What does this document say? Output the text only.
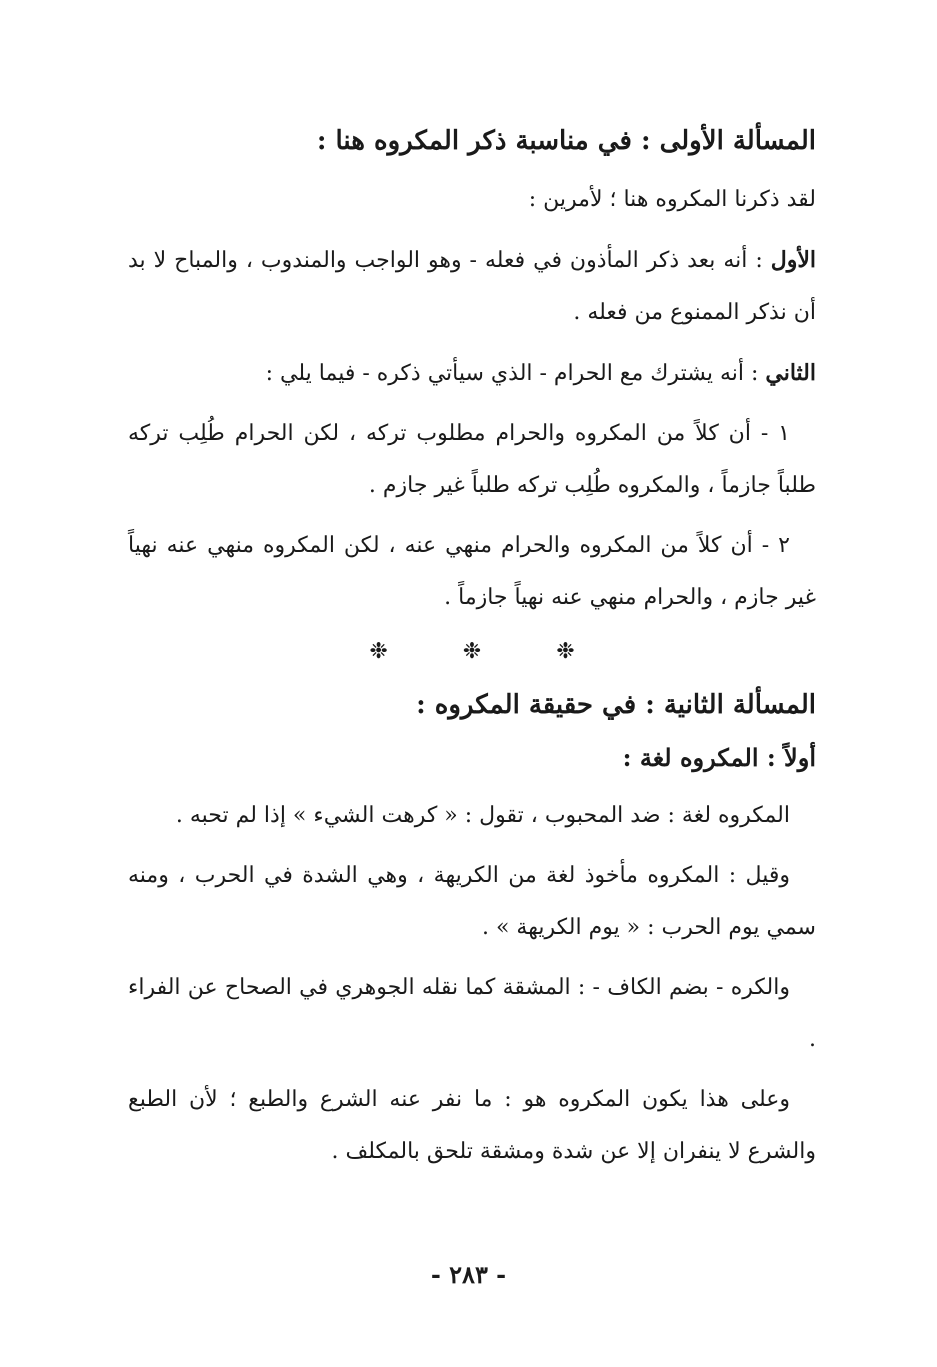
المسألة الأولى : في مناسبة ذكر المكروه هنا :
لقد ذكرنا المكروه هنا ؛ لأمرين :
الأول : أنه بعد ذكر المأذون في فعله - وهو الواجب والمندوب ، والمباح لا بد أن نذكر الممنوع من فعله .
الثاني : أنه يشترك مع الحرام - الذي سيأتي ذكره - فيما يلي :
١ - أن كلاً من المكروه والحرام مطلوب تركه ، لكن الحرام طُلِب تركه طلباً جازماً ، والمكروه طُلِب تركه طلباً غير جازم .
٢ - أن كلاً من المكروه والحرام منهي عنه ، لكن المكروه منهي عنه نهياً غير جازم ، والحرام منهي عنه نهياً جازماً .
❉	❉	❉
المسألة الثانية : في حقيقة المكروه :
أولاً : المكروه لغة :
المكروه لغة : ضد المحبوب ، تقول : « كرهت الشيء » إذا لم تحبه .
وقيل : المكروه مأخوذ لغة من الكريهة ، وهي الشدة في الحرب ، ومنه سمي يوم الحرب : « يوم الكريهة » .
والكره - بضم الكاف - : المشقة كما نقله الجوهري في الصحاح عن الفراء .
وعلى هذا يكون المكروه هو : ما نفر عنه الشرع والطبع ؛ لأن الطبع والشرع لا ينفران إلا عن شدة ومشقة تلحق بالمكلف .
- ٢٨٣ -
